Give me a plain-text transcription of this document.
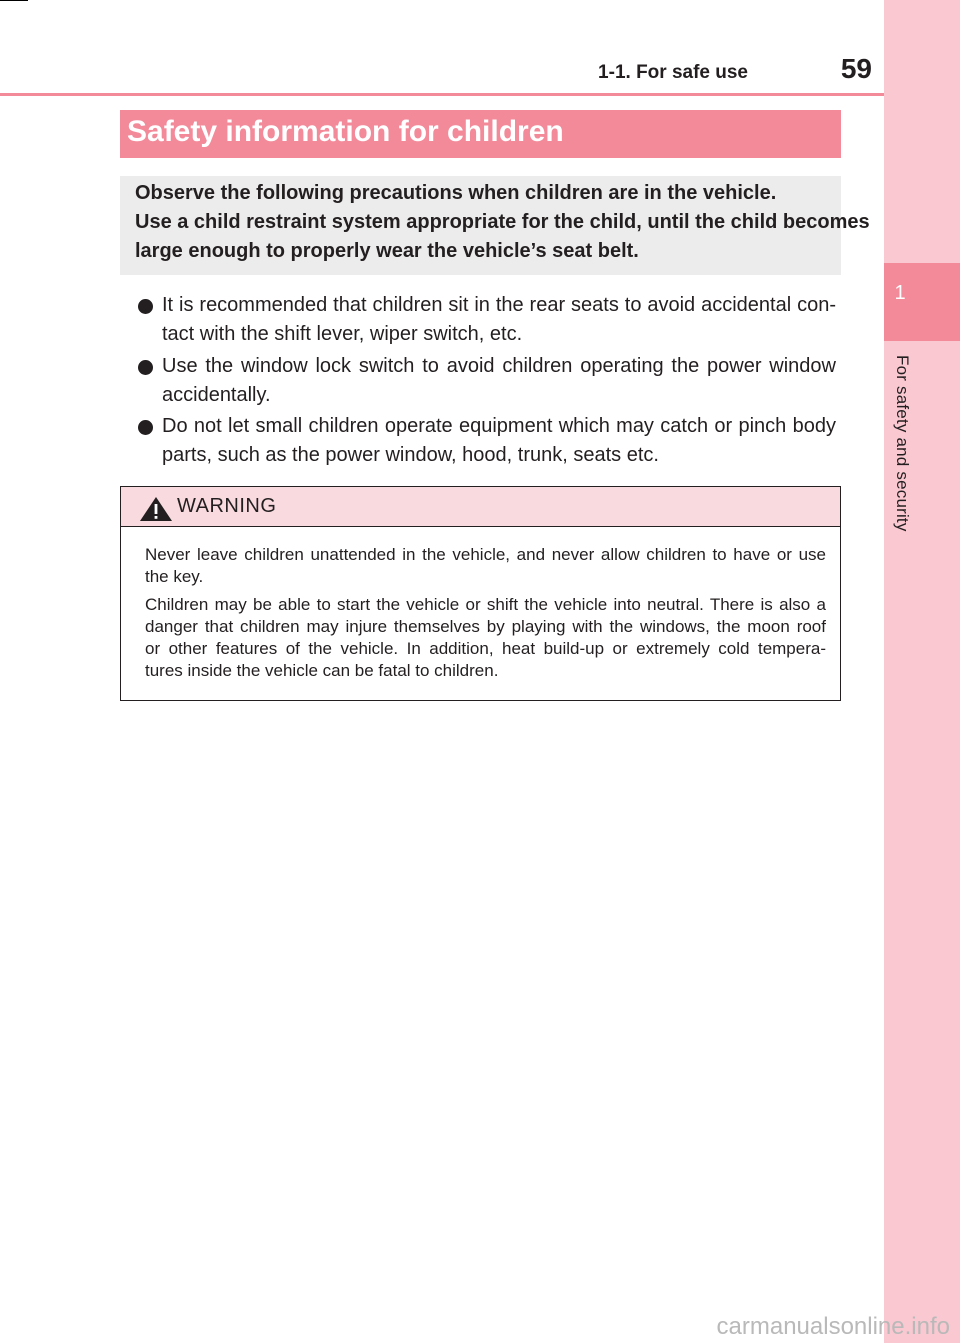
1
For safety and security
1-1. For safe use	59
Safety information for children
Observe the following precautions when children are in the vehicle.
Use a child restraint system appropriate for the child, until the child becomes
large enough to properly wear the vehicle’s seat belt.
It is recommended that children sit in the rear seats to avoid accidental con-
tact with the shift lever, wiper switch, etc.
Use the window lock switch to avoid children operating the power window
accidentally.
Do not let small children operate equipment which may catch or pinch body
parts, such as the power window, hood, trunk, seats etc.
WARNING
Never leave children unattended in the vehicle, and never allow children to have or use
the key.
Children may be able to start the vehicle or shift the vehicle into neutral. There is also a
danger that children may injure themselves by playing with the windows, the moon roof
or other features of the vehicle. In addition, heat build-up or extremely cold tempera-
tures inside the vehicle can be fatal to children.
carmanualsonline.info
